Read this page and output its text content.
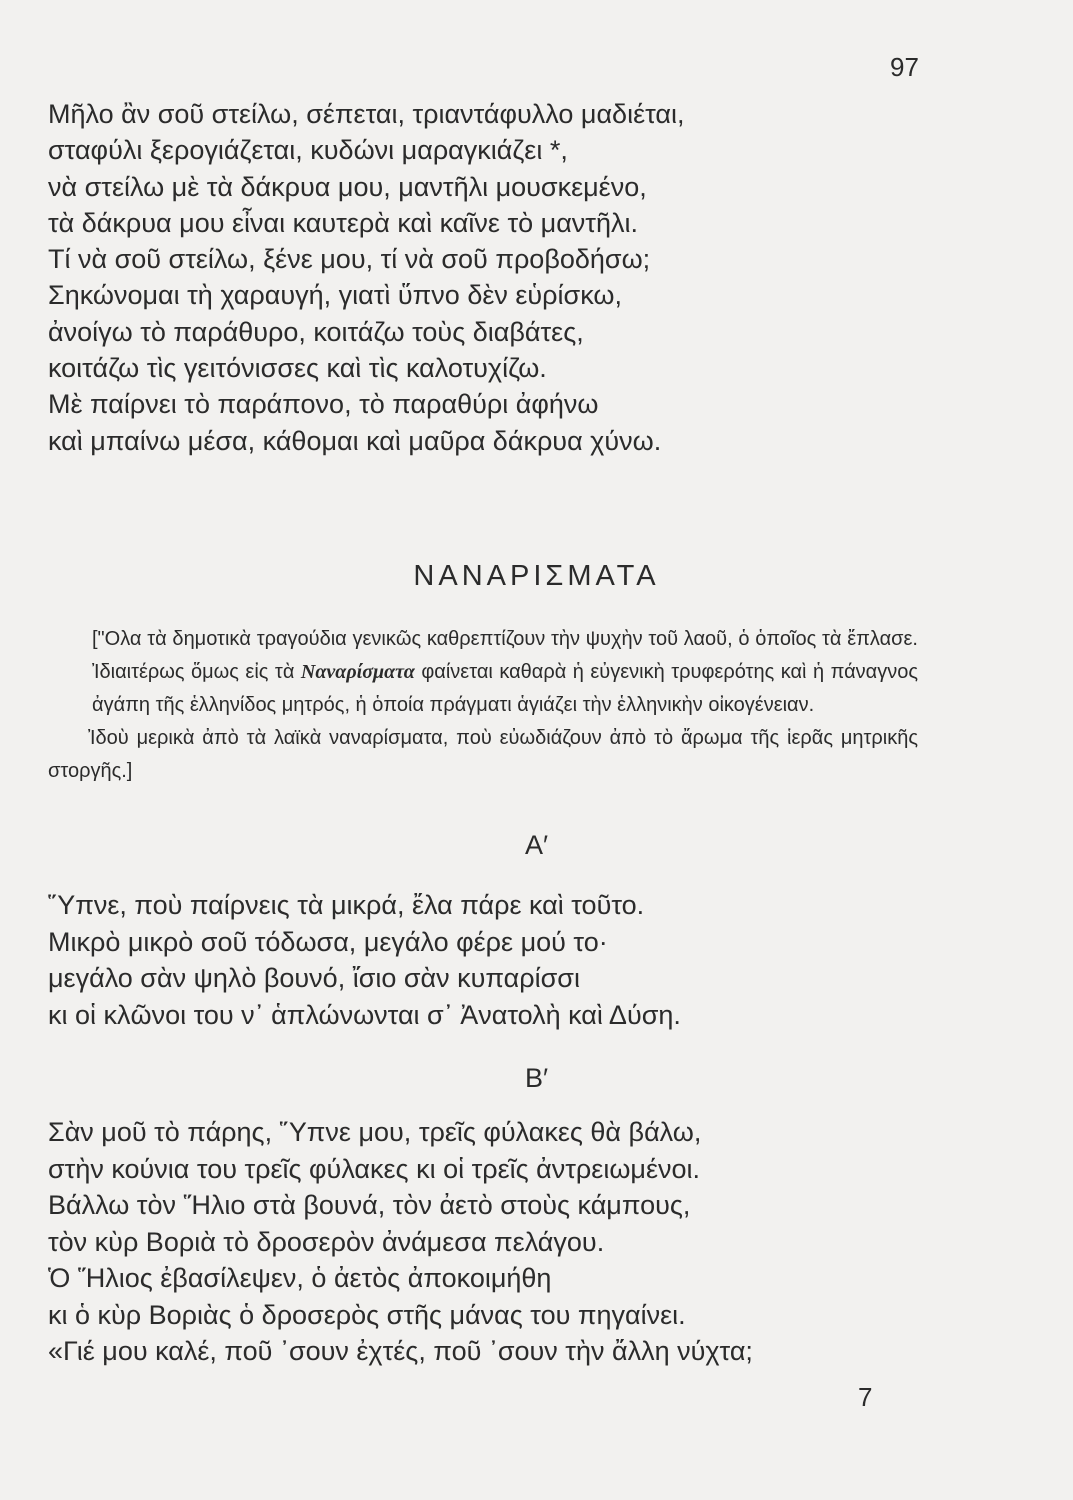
97
Μῆλο ἂν σοῦ στείλω, σέπεται, τριαντάφυλλο μαδιέται,
σταφύλι ξερογιάζεται, κυδώνι μαραγκιάζει *,
νὰ στείλω μὲ τὰ δάκρυα μου, μαντῆλι μουσκεμένο,
τὰ δάκρυα μου εἶναι καυτερὰ καὶ καῖνε τὸ μαντῆλι.
Τί νὰ σοῦ στείλω, ξένε μου, τί νὰ σοῦ προβοδήσω;
Σηκώνομαι τὴ χαραυγή, γιατὶ ὕπνο δὲν εὑρίσκω,
ἀνοίγω τὸ παράθυρο, κοιτάζω τοὺς διαβάτες,
κοιτάζω τὶς γειτόνισσες καὶ τὶς καλοτυχίζω.
Μὲ παίρνει τὸ παράπονο, τὸ παραθύρι ἀφήνω
καὶ μπαίνω μέσα, κάθομαι καὶ μαῦρα δάκρυα χύνω.
ΝΑΝΑΡΙΣΜΑΤΑ

["Ολα τὰ δημοτικὰ τραγούδια γενικῶς καθρεπτίζουν τὴν ψυχὴν τοῦ λαοῦ, ὁ ὁποῖος τὰ ἔπλασε. Ἰδιαιτέρως ὅμως εἰς τὰ Ναναρίσματα φαίνεται καθαρὰ ἡ εὐγενικὴ τρυφερότης καὶ ἡ πάναγνος ἀγάπη τῆς ἑλληνίδος μητρός, ἡ ὁποία πράγματι ἁγιάζει τὴν ἑλληνικὴν οἰκογένειαν.

Ἰδοὺ μερικὰ ἀπὸ τὰ λαϊκὰ ναναρίσματα, ποὺ εὐωδιάζουν ἀπὸ τὸ ἄρωμα τῆς ἱερᾶς μητρικῆς στοργῆς.]

Α′
Ὕπνε, ποὺ παίρνεις τὰ μικρά, ἔλα πάρε καὶ τοῦτο.
Μικρὸ μικρὸ σοῦ τόδωσα, μεγάλο φέρε μού το·
μεγάλο σὰν ψηλὸ βουνό, ἴσιο σὰν κυπαρίσσι
κι οἱ κλῶνοι του ν᾿ ἁπλώνωνται σ᾿ Ἀνατολὴ καὶ Δύση.
Β′
Σὰν μοῦ τὸ πάρης, Ὕπνε μου, τρεῖς φύλακες θὰ βάλω,
στὴν κούνια του τρεῖς φύλακες κι οἱ τρεῖς ἀντρειωμένοι.
Βάλλω τὸν Ἥλιο στὰ βουνά, τὸν ἀετὸ στοὺς κάμπους,
τὸν κὺρ Βοριὰ τὸ δροσερὸν ἀνάμεσα πελάγου.
Ὁ Ἥλιος ἐβασίλεψεν, ὁ ἀετὸς ἀποκοιμήθη
κι ὁ κὺρ Βοριὰς ὁ δροσερὸς στῆς μάνας του πηγαίνει.
«Γιέ μου καλέ, ποῦ ᾿σουν ἐχτές, ποῦ ᾿σουν τὴν ἄλλη νύχτα;
7
